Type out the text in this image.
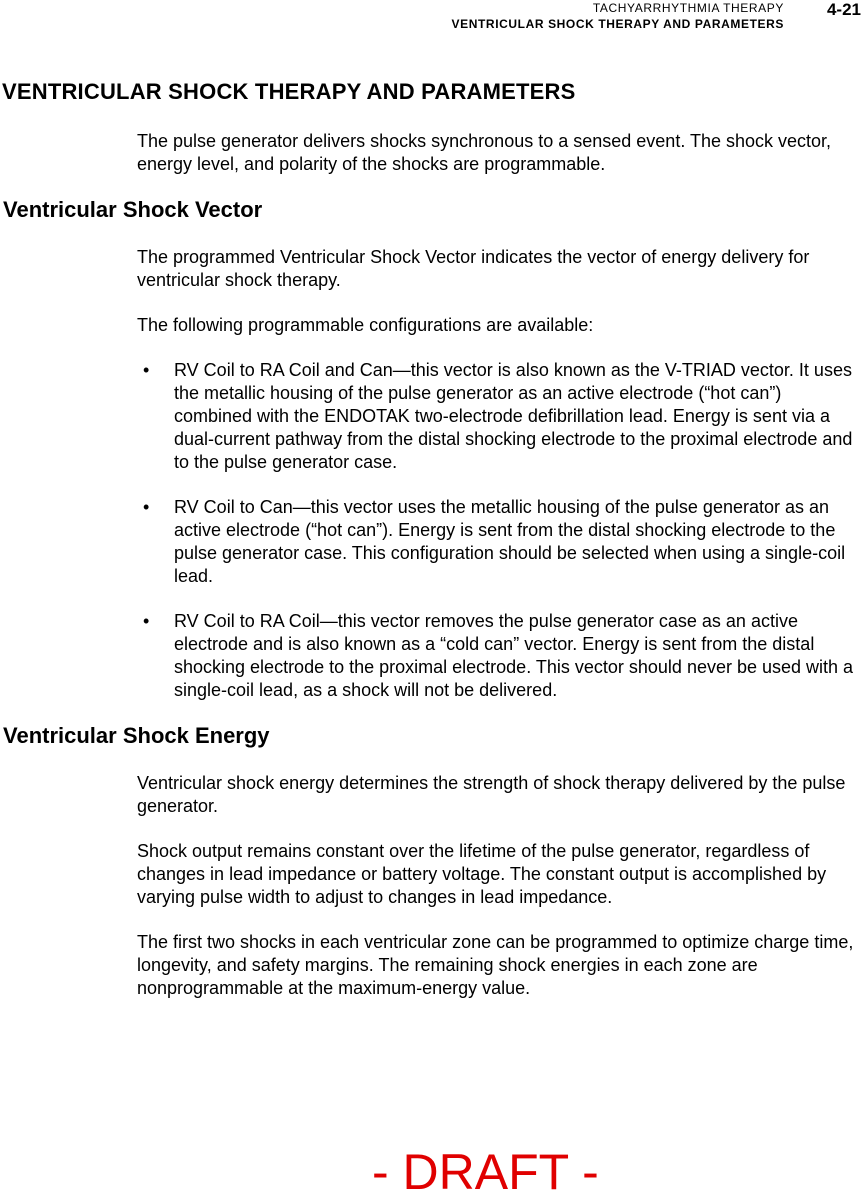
TACHYARRHYTHMIA THERAPY
VENTRICULAR SHOCK THERAPY AND PARAMETERS
4-21
VENTRICULAR SHOCK THERAPY AND PARAMETERS

The pulse generator delivers shocks synchronous to a sensed event. The shock vector, energy level, and polarity of the shocks are programmable.

Ventricular Shock Vector

The programmed Ventricular Shock Vector indicates the vector of energy delivery for ventricular shock therapy.

The following programmable configurations are available:

• RV Coil to RA Coil and Can—this vector is also known as the V-TRIAD vector. It uses the metallic housing of the pulse generator as an active electrode (“hot can”) combined with the ENDOTAK two-electrode defibrillation lead. Energy is sent via a dual-current pathway from the distal shocking electrode to the proximal electrode and to the pulse generator case.
• RV Coil to Can—this vector uses the metallic housing of the pulse generator as an active electrode (“hot can”). Energy is sent from the distal shocking electrode to the pulse generator case. This configuration should be selected when using a single-coil lead.
• RV Coil to RA Coil—this vector removes the pulse generator case as an active electrode and is also known as a “cold can” vector. Energy is sent from the distal shocking electrode to the proximal electrode. This vector should never be used with a single-coil lead, as a shock will not be delivered.
Ventricular Shock Energy

Ventricular shock energy determines the strength of shock therapy delivered by the pulse generator.

Shock output remains constant over the lifetime of the pulse generator, regardless of changes in lead impedance or battery voltage. The constant output is accomplished by varying pulse width to adjust to changes in lead impedance.

The first two shocks in each ventricular zone can be programmed to optimize charge time, longevity, and safety margins. The remaining shock energies in each zone are nonprogrammable at the maximum-energy value.

- DRAFT -
